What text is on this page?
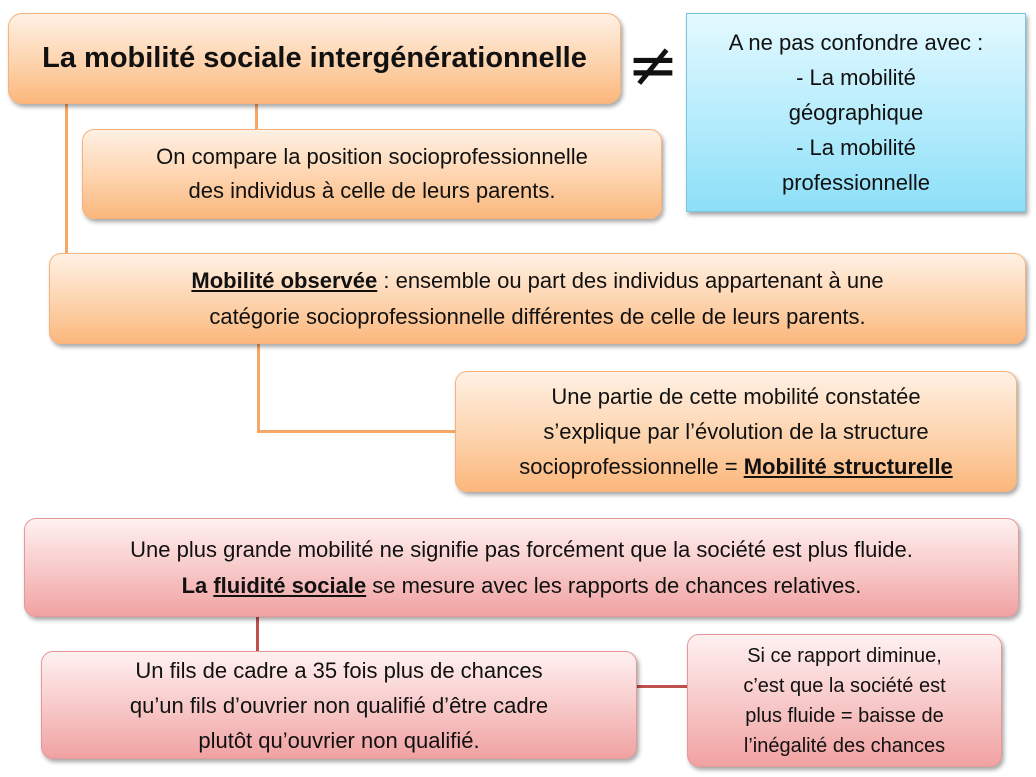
La mobilité sociale intergénérationnelle ≠ A ne pas confondre avec :
- La mobilité
géographique
- La mobilité
professionnelle
On compare la position socioprofessionnelle
des individus à celle de leurs parents.
Mobilité observée : ensemble ou part des individus appartenant à une
catégorie socioprofessionnelle différentes de celle de leurs parents.
Une partie de cette mobilité constatée
s’explique par l’évolution de la structure
socioprofessionnelle = Mobilité structurelle
Une plus grande mobilité ne signifie pas forcément que la société est plus fluide.
La fluidité sociale se mesure avec les rapports de chances relatives.
Un fils de cadre a 35 fois plus de chances
qu’un fils d’ouvrier non qualifié d’être cadre
plutôt qu’ouvrier non qualifié.
Si ce rapport diminue,
c’est que la société est
plus fluide = baisse de
l’inégalité des chances
